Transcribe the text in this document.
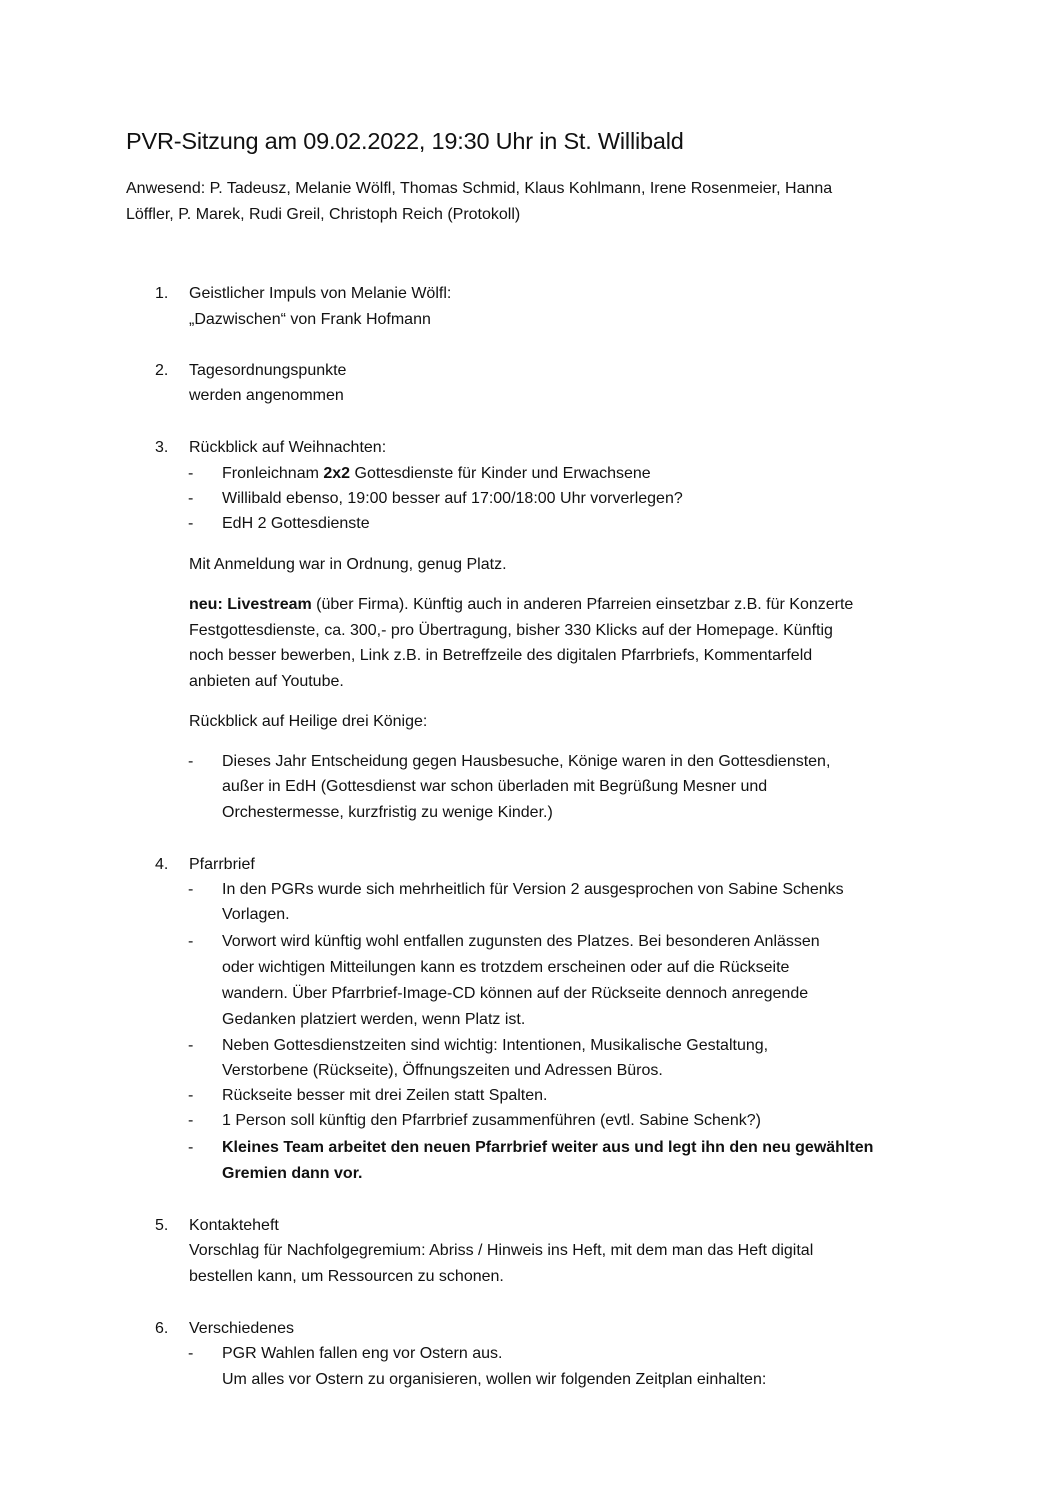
PVR-Sitzung am 09.02.2022, 19:30 Uhr in St. Willibald
Anwesend: P. Tadeusz, Melanie Wölfl, Thomas Schmid, Klaus Kohlmann, Irene Rosenmeier, Hanna
Löffler, P. Marek, Rudi Greil, Christoph Reich (Protokoll)
1.	Geistlicher Impuls von Melanie Wölfl:
„Dazwischen“ von Frank Hofmann
2.	Tagesordnungspunkte
werden angenommen
3.	Rückblick auf Weihnachten:
- Fronleichnam 2x2 Gottesdienste für Kinder und Erwachsene
- Willibald ebenso, 19:00 besser auf 17:00/18:00 Uhr vorverlegen?
- EdH 2 Gottesdienste
Mit Anmeldung war in Ordnung, genug Platz.
neu: Livestream (über Firma). Künftig auch in anderen Pfarreien einsetzbar z.B. für Konzerte
Festgottesdienste, ca. 300,- pro Übertragung, bisher 330 Klicks auf der Homepage. Künftig
noch besser bewerben, Link z.B. in Betreffzeile des digitalen Pfarrbriefs, Kommentarfeld
anbieten auf Youtube.
Rückblick auf Heilige drei Könige:
- Dieses Jahr Entscheidung gegen Hausbesuche, Könige waren in den Gottesdiensten,
außer in EdH (Gottesdienst war schon überladen mit Begrüßung Mesner und
Orchestermesse, kurzfristig zu wenige Kinder.)
4.	Pfarrbrief
- In den PGRs wurde sich mehrheitlich für Version 2 ausgesprochen von Sabine Schenks
Vorlagen.
- Vorwort wird künftig wohl entfallen zugunsten des Platzes. Bei besonderen Anlässen
oder wichtigen Mitteilungen kann es trotzdem erscheinen oder auf die Rückseite
wandern. Über Pfarrbrief-Image-CD können auf der Rückseite dennoch anregende
Gedanken platziert werden, wenn Platz ist.
- Neben Gottesdienstzeiten sind wichtig: Intentionen, Musikalische Gestaltung,
Verstorbene (Rückseite), Öffnungszeiten und Adressen Büros.
- Rückseite besser mit drei Zeilen statt Spalten.
- 1 Person soll künftig den Pfarrbrief zusammenführen (evtl. Sabine Schenk?)
- Kleines Team arbeitet den neuen Pfarrbrief weiter aus und legt ihn den neu gewählten
Gremien dann vor.
5.	Kontakteheft
Vorschlag für Nachfolgegremium: Abriss / Hinweis ins Heft, mit dem man das Heft digital
bestellen kann, um Ressourcen zu schonen.
6.	Verschiedenes
- PGR Wahlen fallen eng vor Ostern aus.
Um alles vor Ostern zu organisieren, wollen wir folgenden Zeitplan einhalten:
